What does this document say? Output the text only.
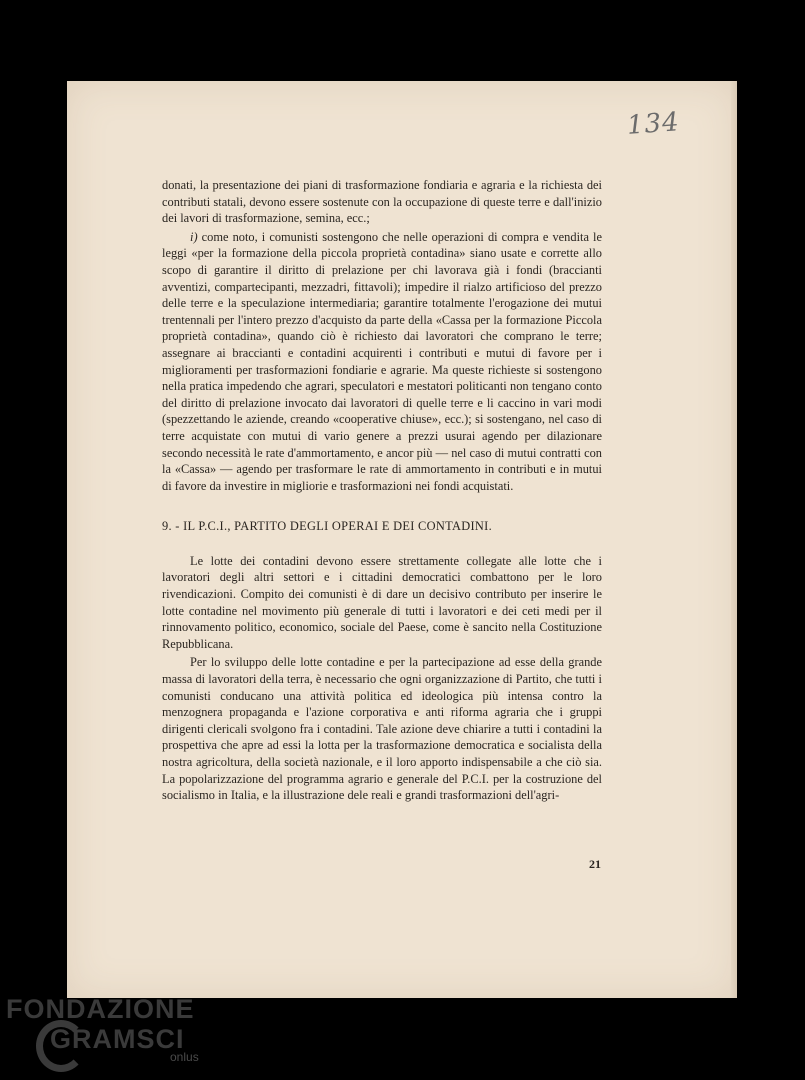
134

donati, la presentazione dei piani di trasformazione fondiaria e agraria e la richiesta dei contributi statali, devono essere sostenute con la occupazione di queste terre e dall'inizio dei lavori di trasformazione, semina, ecc.;

i) come noto, i comunisti sostengono che nelle operazioni di compra e vendita le leggi «per la formazione della piccola proprietà contadina» siano usate e corrette allo scopo di garantire il diritto di prelazione per chi lavorava già i fondi (braccianti avventizi, compartecipanti, mezzadri, fittavoli); impedire il rialzo artificioso del prezzo delle terre e la speculazione intermediaria; garantire totalmente l'erogazione dei mutui trentennali per l'intero prezzo d'acquisto da parte della «Cassa per la formazione Piccola proprietà contadina», quando ciò è richiesto dai lavoratori che comprano le terre; assegnare ai braccianti e contadini acquirenti i contributi e mutui di favore per i miglioramenti per trasformazioni fondiarie e agrarie. Ma queste richieste si sostengono nella pratica impedendo che agrari, speculatori e mestatori politicanti non tengano conto del diritto di prelazione invocato dai lavoratori di quelle terre e li caccino in vari modi (spezzettando le aziende, creando «cooperative chiuse», ecc.); si sostengano, nel caso di terre acquistate con mutui di vario genere a prezzi usurai agendo per dilazionare secondo necessità le rate d'ammortamento, e ancor più — nel caso di mutui contratti con la «Cassa» — agendo per trasformare le rate di ammortamento in contributi e in mutui di favore da investire in migliorie e trasformazioni nei fondi acquistati.

9. - IL P.C.I., PARTITO DEGLI OPERAI E DEI CONTADINI.

Le lotte dei contadini devono essere strettamente collegate alle lotte che i lavoratori degli altri settori e i cittadini democratici combattono per le loro rivendicazioni. Compito dei comunisti è di dare un decisivo contributo per inserire le lotte contadine nel movimento più generale di tutti i lavoratori e dei ceti medi per il rinnovamento politico, economico, sociale del Paese, come è sancito nella Costituzione Repubblicana.

Per lo sviluppo delle lotte contadine e per la partecipazione ad esse della grande massa di lavoratori della terra, è necessario che ogni organizzazione di Partito, che tutti i comunisti conducano una attività politica ed ideologica più intensa contro la menzognera propaganda e l'azione corporativa e anti riforma agraria che i gruppi dirigenti clericali svolgono fra i contadini. Tale azione deve chiarire a tutti i contadini la prospettiva che apre ad essi la lotta per la trasformazione democratica e socialista della nostra agricoltura, della società nazionale, e il loro apporto indispensabile a che ciò sia. La popolarizzazione del programma agrario e generale del P.C.I. per la costruzione del socialismo in Italia, e la illustrazione dele reali e grandi trasformazioni dell'agri-

21
FONDAZIONE
GRAMSCI
onlus
